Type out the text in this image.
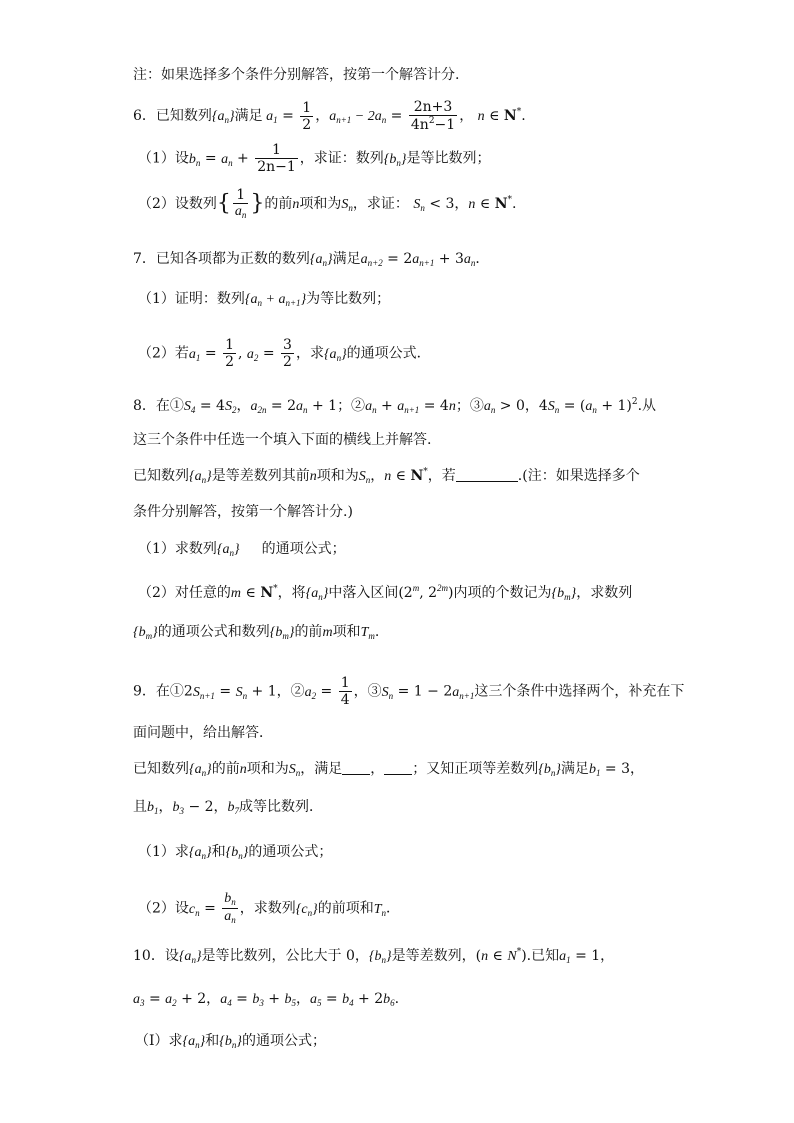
注：如果选择多个条件分别解答，按第一个解答计分.
6．已知数列$\{a_n\}$满足 $a_1 = \frac{1}{2}$ ，$a_{n+1} - 2a_n = \frac{2n+3}{4n^2-1}$ ， n ∈ N*.
（1）设$b_n = a_n + \frac{1}{2n-1}$ ，求证：数列$\{b_n\}$是等比数列；
（2）设数列{ $\frac{1}{a_n}$ }的前n项和为$S_n$，求证： $S_n < 3$，n ∈ N*.
7．已知各项都为正数的数列$\{a_n\}$满足$a_{n+2} = 2a_{n+1} + 3a_n$．
（1）证明：数列$\{a_n + a_{n+1}\}$为等比数列；
（2）若$a_1 = \frac{1}{2}$ , $a_2 = \frac{3}{2}$ ，求$\{a_n\}$的通项公式．
8．在$①S_4 = 4S_2$，$a_{2n} = 2a_n + 1$；$②a_n + a_{n+1} = 4n$；$③a_n > 0$，$4S_n = (a_n + 1)^2$.从
这三个条件中任选一个填入下面的横线上并解答.
已知数列$\{a_n\}$是等差数列其前n项和为$S_n$，n ∈ N*，若	.(注：如果选择多个
条件分别解答，按第一个解答计分.)
（1）求数列$\{a_n\}$ 的通项公式；
（2）对任意的m ∈ N*，将$\{a_n\}$中落入区间(2$^m$, $2^{2m}$)内项的个数记为$\{b_m\}$，求数列
$\{b_m\}$的通项公式和数列$\{b_m\}$的前m项和$T_m$.
9．在$①2S_{n+1} = S_n + 1$，$②a_2 = \frac{1}{4}$ ，$③S_n = 1 - 2a_{n+1}$这三个条件中选择两个，补充在下
面问题中，给出解答．
已知数列$\{a_n\}$的前n项和为$S_n$，满足 ， ；又知正项等差数列$\{b_n\}$满足$b_1 = 3$，
且$b_1$，$b_3 - 2$，$b_7$成等比数列．
（1）求$\{a_n\}$和$\{b_n\}$的通项公式；
（2）设$c_n = \frac{b_n}{a_n}$ ，求数列$\{c_n\}$的前项和$T_n$．
10．设$\{a_n\}$是等比数列，公比大于 0，$\{b_n\}$是等差数列，(n ∈ N*).已知$a_1 = 1$，
$a_3 = a_2 + 2$，$a_4 = b_3 + b_5$，$a_5 = b_4 + 2b_6$.
（Ⅰ）求$\{a_n\}$和$\{b_n\}$的通项公式；
